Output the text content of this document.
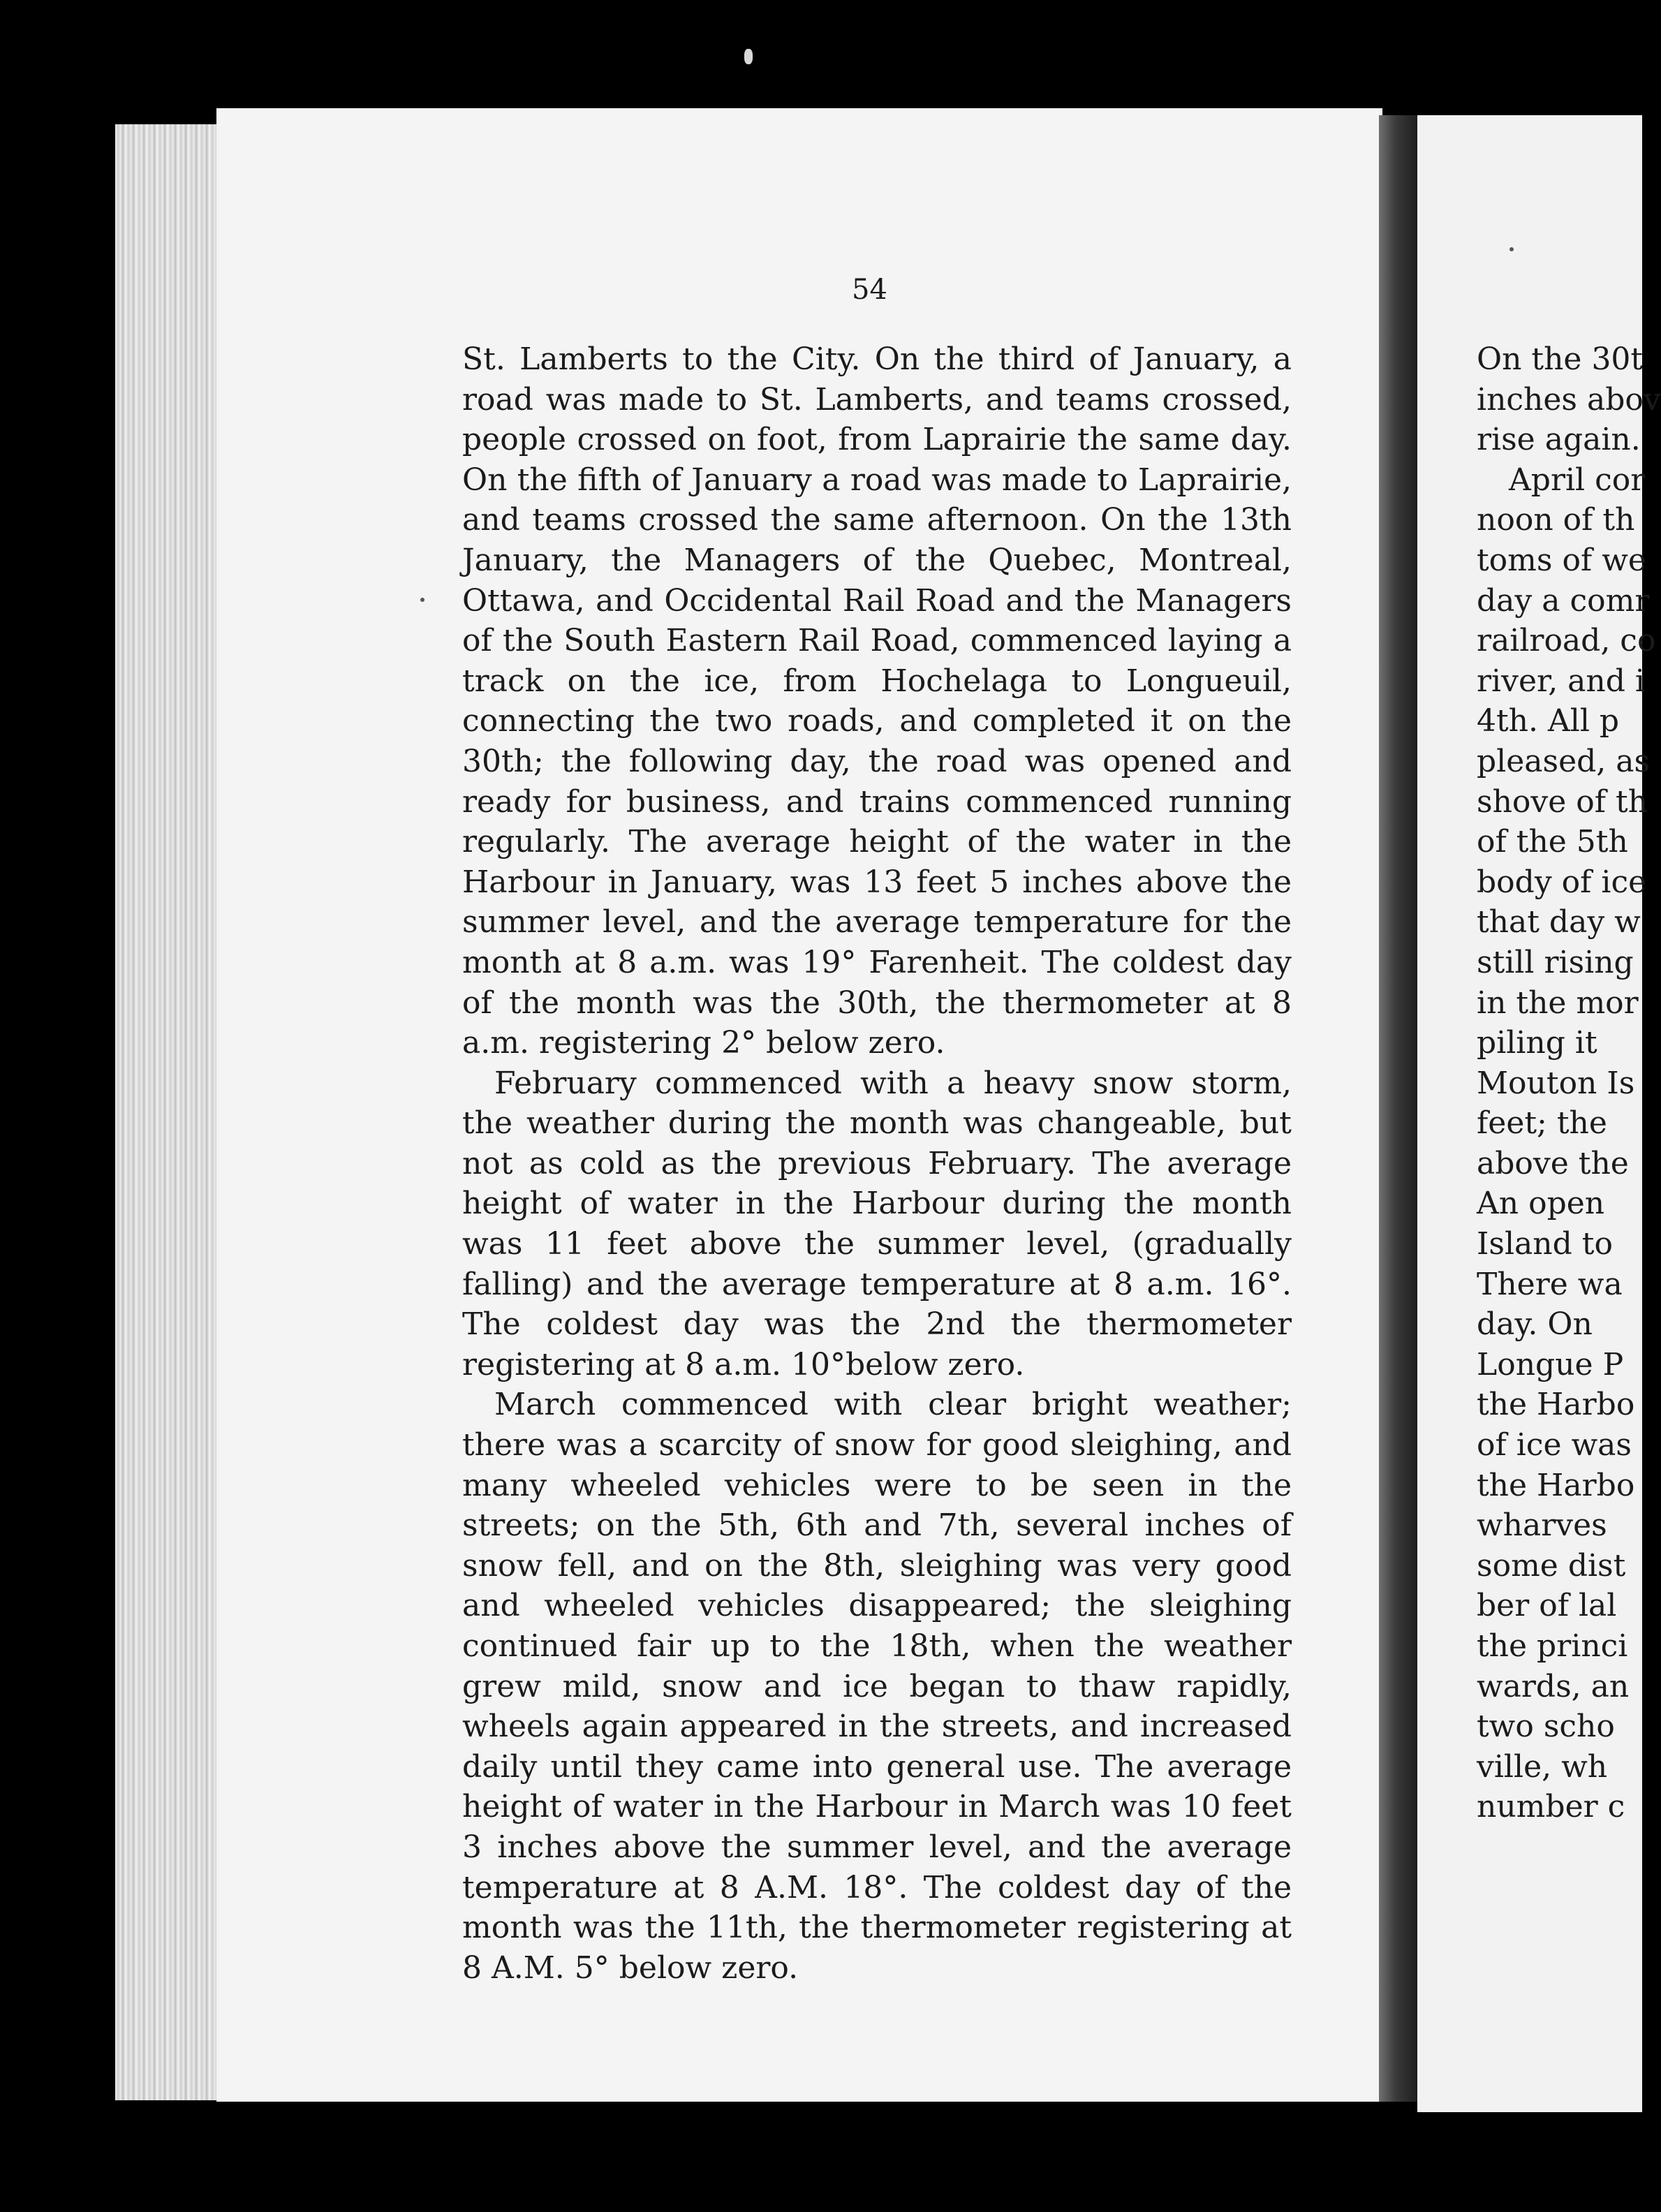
54

St. Lamberts to the City. On the third of January, a road was made to St. Lamberts, and teams crossed, people crossed on foot, from Laprairie the same day. On the fifth of January a road was made to Laprairie, and teams crossed the same afternoon. On the 13th January, the Managers of the Quebec, Montreal, Ottawa, and Occidental Rail Road and the Managers of the South Eastern Rail Road, commenced laying a track on the ice, from Hochelaga to Longueuil, connecting the two roads, and completed it on the 30th; the following day, the road was opened and ready for business, and trains commenced running regularly. The average height of the water in the Harbour in January, was 13 feet 5 inches above the summer level, and the average temperature for the month at 8 a.m. was 19° Farenheit. The coldest day of the month was the 30th, the thermometer at 8 a.m. registering 2° below zero.

February commenced with a heavy snow storm, the weather during the month was changeable, but not as cold as the previous February. The average height of water in the Harbour during the month was 11 feet above the summer level, (gradually falling) and the average temperature at 8 a.m. 16°. The coldest day was the 2nd the thermometer registering at 8 a.m. 10°below zero.

March commenced with clear bright weather; there was a scarcity of snow for good sleighing, and many wheeled vehicles were to be seen in the streets; on the 5th, 6th and 7th, several inches of snow fell, and on the 8th, sleighing was very good and wheeled vehicles disappeared; the sleighing continued fair up to the 18th, when the weather grew mild, snow and ice began to thaw rapidly, wheels again appeared in the streets, and increased daily until they came into general use. The average height of water in the Harbour in March was 10 feet 3 inches above the summer level, and the average temperature at 8 A.M. 18°. The coldest day of the month was the 11th, the thermometer registering at 8 A.M. 5° below zero.

On the 30t
inches abov
rise again.
April cor
noon of th
toms of we
day a comr
railroad, co
river, and i
4th. All p
pleased, as
shove of th
of the 5th
body of ice
that day w
still rising
in the mor
piling it
Mouton Is
feet; the
above the
An open
Island to
There wa
day. On
Longue P
the Harbo
of ice was
the Harbo
wharves
some dist
ber of lal
the princi
wards, an
two scho
ville, wh
number c
